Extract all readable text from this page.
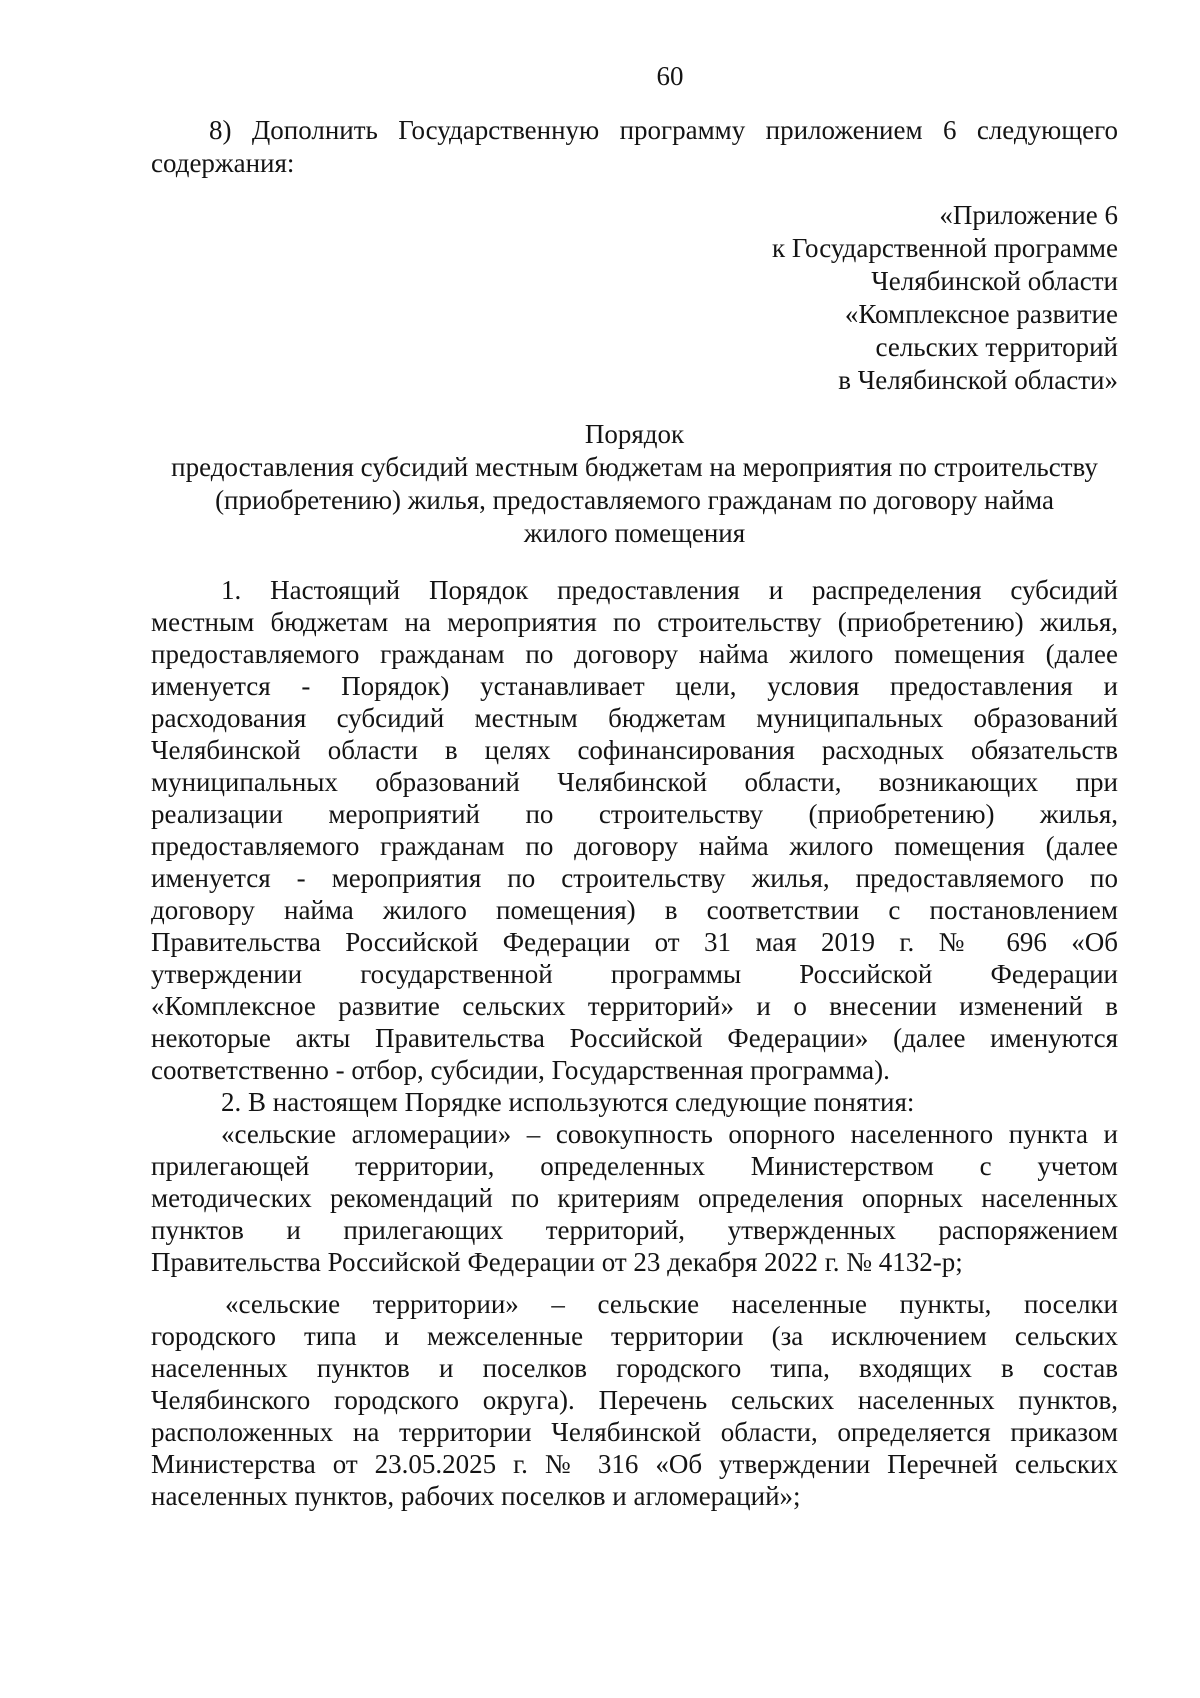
60
8) Дополнить Государственную программу приложением 6 следующего
содержания:
«Приложение 6
к Государственной программе
Челябинской области
«Комплексное развитие
сельских территорий
в Челябинской области»
Порядок
предоставления субсидий местным бюджетам на мероприятия по строительству
(приобретению) жилья, предоставляемого гражданам по договору найма
жилого помещения
1. Настоящий Порядок предоставления и распределения субсидий
местным бюджетам на мероприятия по строительству (приобретению) жилья,
предоставляемого гражданам по договору найма жилого помещения (далее
именуется - Порядок) устанавливает цели, условия предоставления и
расходования субсидий местным бюджетам муниципальных образований
Челябинской области в целях софинансирования расходных обязательств
муниципальных образований Челябинской области, возникающих при
реализации мероприятий по строительству (приобретению) жилья,
предоставляемого гражданам по договору найма жилого помещения (далее
именуется - мероприятия по строительству жилья, предоставляемого по
договору найма жилого помещения) в соответствии с постановлением
Правительства Российской Федерации от 31 мая 2019 г. № 696 «Об
утверждении государственной программы Российской Федерации
«Комплексное развитие сельских территорий» и о внесении изменений в
некоторые акты Правительства Российской Федерации» (далее именуются
соответственно - отбор, субсидии, Государственная программа).
2. В настоящем Порядке используются следующие понятия:
«сельские агломерации» – совокупность опорного населенного пункта и
прилегающей территории, определенных Министерством с учетом
методических рекомендаций по критериям определения опорных населенных
пунктов и прилегающих территорий, утвержденных распоряжением
Правительства Российской Федерации от 23 декабря 2022 г. № 4132-р;
«сельские территории» – сельские населенные пункты, поселки
городского типа и межселенные территории (за исключением сельских
населенных пунктов и поселков городского типа, входящих в состав
Челябинского городского округа). Перечень сельских населенных пунктов,
расположенных на территории Челябинской области, определяется приказом
Министерства от 23.05.2025 г. № 316 «Об утверждении Перечней сельских
населенных пунктов, рабочих поселков и агломераций»;
